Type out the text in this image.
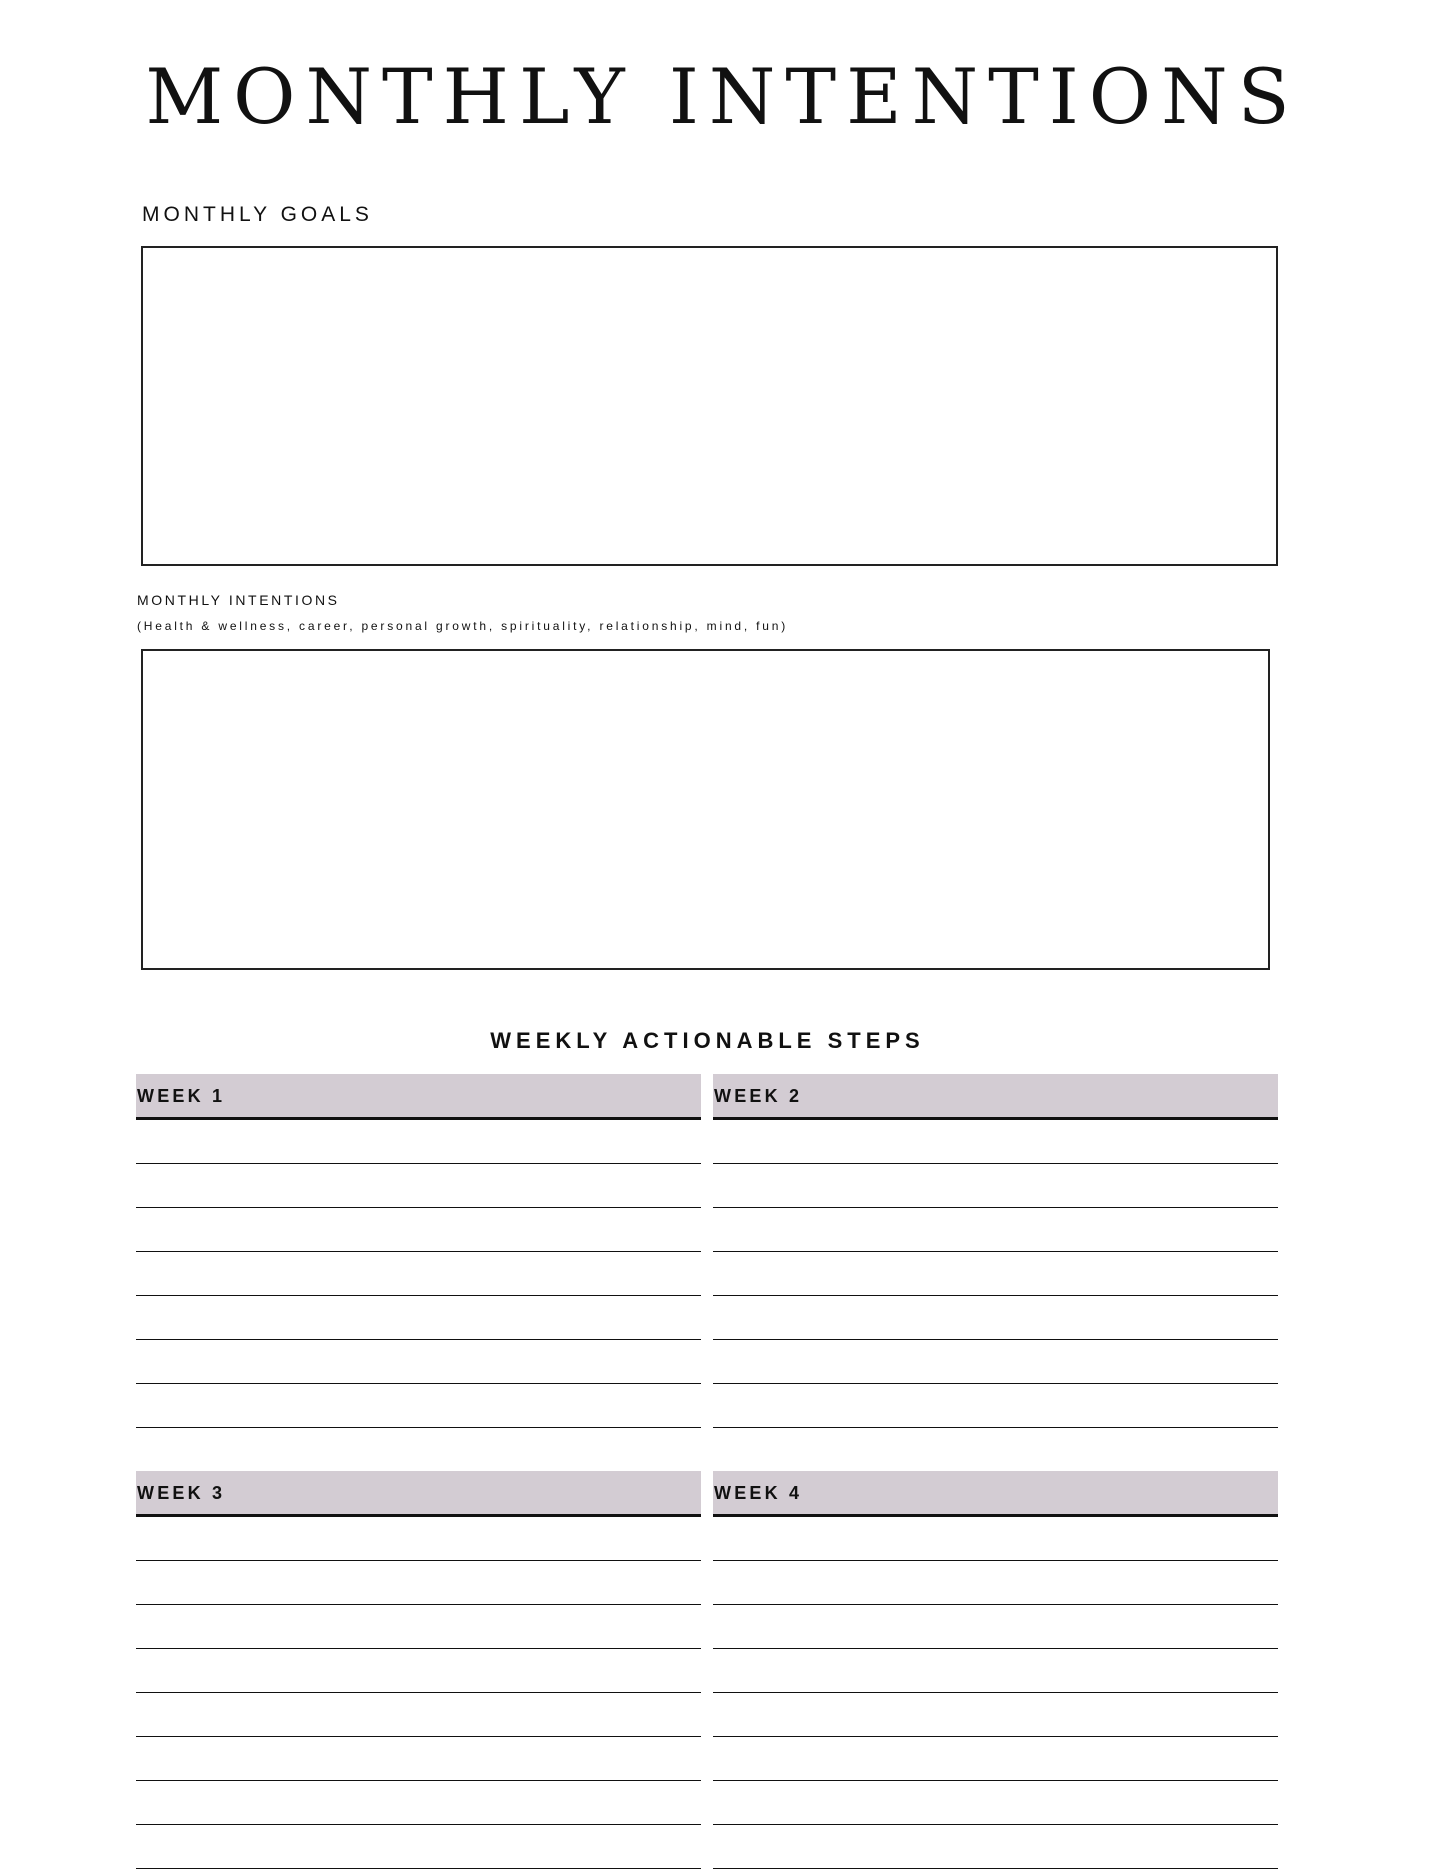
MONTHLY INTENTIONS
MONTHLY GOALS
MONTHLY INTENTIONS
(Health & wellness, career, personal growth, spirituality, relationship, mind, fun)
WEEKLY ACTIONABLE STEPS
WEEK 1	WEEK 2
WEEK 3	WEEK 4
